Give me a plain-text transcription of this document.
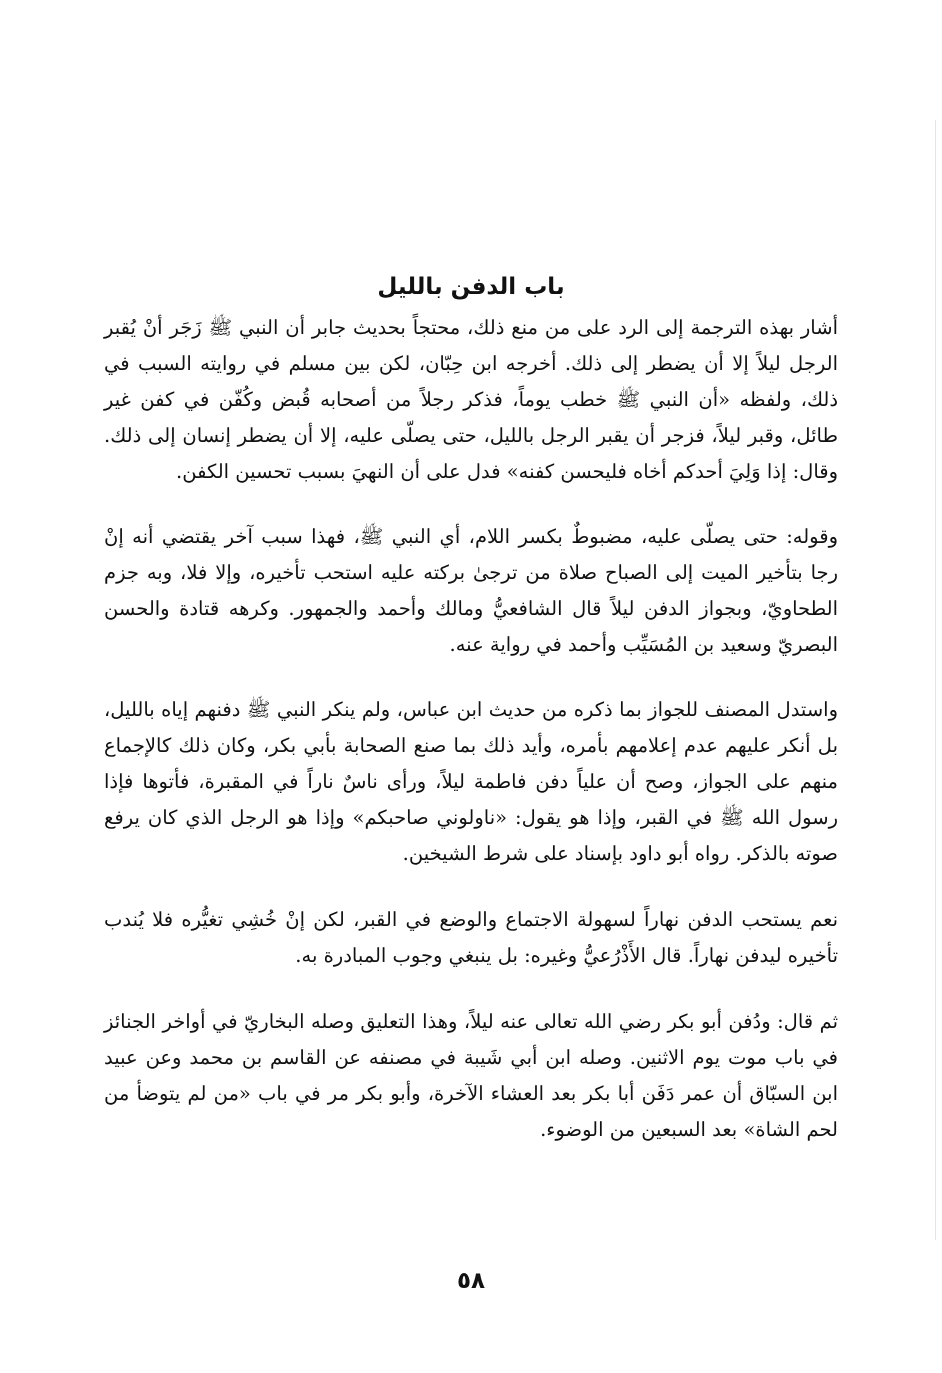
باب الدفن بالليل

أشار بهذه الترجمة إلى الرد على من منع ذلك، محتجاً بحديث جابر أن النبي ﷺ زَجَر أنْ يُقبر الرجل ليلاً إلا أن يضطر إلى ذلك. أخرجه ابن حِبّان، لكن بين مسلم في روايته السبب في ذلك، ولفظه «أن النبي ﷺ خطب يوماً، فذكر رجلاً من أصحابه قُبض وكُفّن في كفن غير طائل، وقبر ليلاً، فزجر أن يقبر الرجل بالليل، حتى يصلّى عليه، إلا أن يضطر إنسان إلى ذلك. وقال: إذا وَلِيَ أحدكم أخاه فليحسن كفنه» فدل على أن النهيَ بسبب تحسين الكفن.

وقوله: حتى يصلّى عليه، مضبوطٌ بكسر اللام، أي النبي ﷺ، فهذا سبب آخر يقتضي أنه إنْ رجا بتأخير الميت إلى الصباح صلاة من ترجىٰ بركته عليه استحب تأخيره، وإلا فلا، وبه جزم الطحاويّ، وبجواز الدفن ليلاً قال الشافعيُّ ومالك وأحمد والجمهور. وكرهه قتادة والحسن البصريّ وسعيد بن المُسَيِّب وأحمد في رواية عنه.

واستدل المصنف للجواز بما ذكره من حديث ابن عباس، ولم ينكر النبي ﷺ دفنهم إياه بالليل، بل أنكر عليهم عدم إعلامهم بأمره، وأيد ذلك بما صنع الصحابة بأبي بكر، وكان ذلك كالإجماع منهم على الجواز، وصح أن علياً دفن فاطمة ليلاً، ورأى ناسٌ ناراً في المقبرة، فأتوها فإذا رسول الله ﷺ في القبر، وإذا هو يقول: «ناولوني صاحبكم» وإذا هو الرجل الذي كان يرفع صوته بالذكر. رواه أبو داود بإسناد على شرط الشيخين.

نعم يستحب الدفن نهاراً لسهولة الاجتماع والوضع في القبر، لكن إنْ خُشِي تغيُّره فلا يُندب تأخيره ليدفن نهاراً. قال الأَذْرُعيُّ وغيره: بل ينبغي وجوب المبادرة به.

ثم قال: ودُفن أبو بكر رضي الله تعالى عنه ليلاً، وهذا التعليق وصله البخاريّ في أواخر الجنائز في باب موت يوم الاثنين. وصله ابن أبي شَيبة في مصنفه عن القاسم بن محمد وعن عبيد ابن السبّاق أن عمر دَفَن أبا بكر بعد العشاء الآخرة، وأبو بكر مر في باب «من لم يتوضأ من لحم الشاة» بعد السبعين من الوضوء.

٥٨
